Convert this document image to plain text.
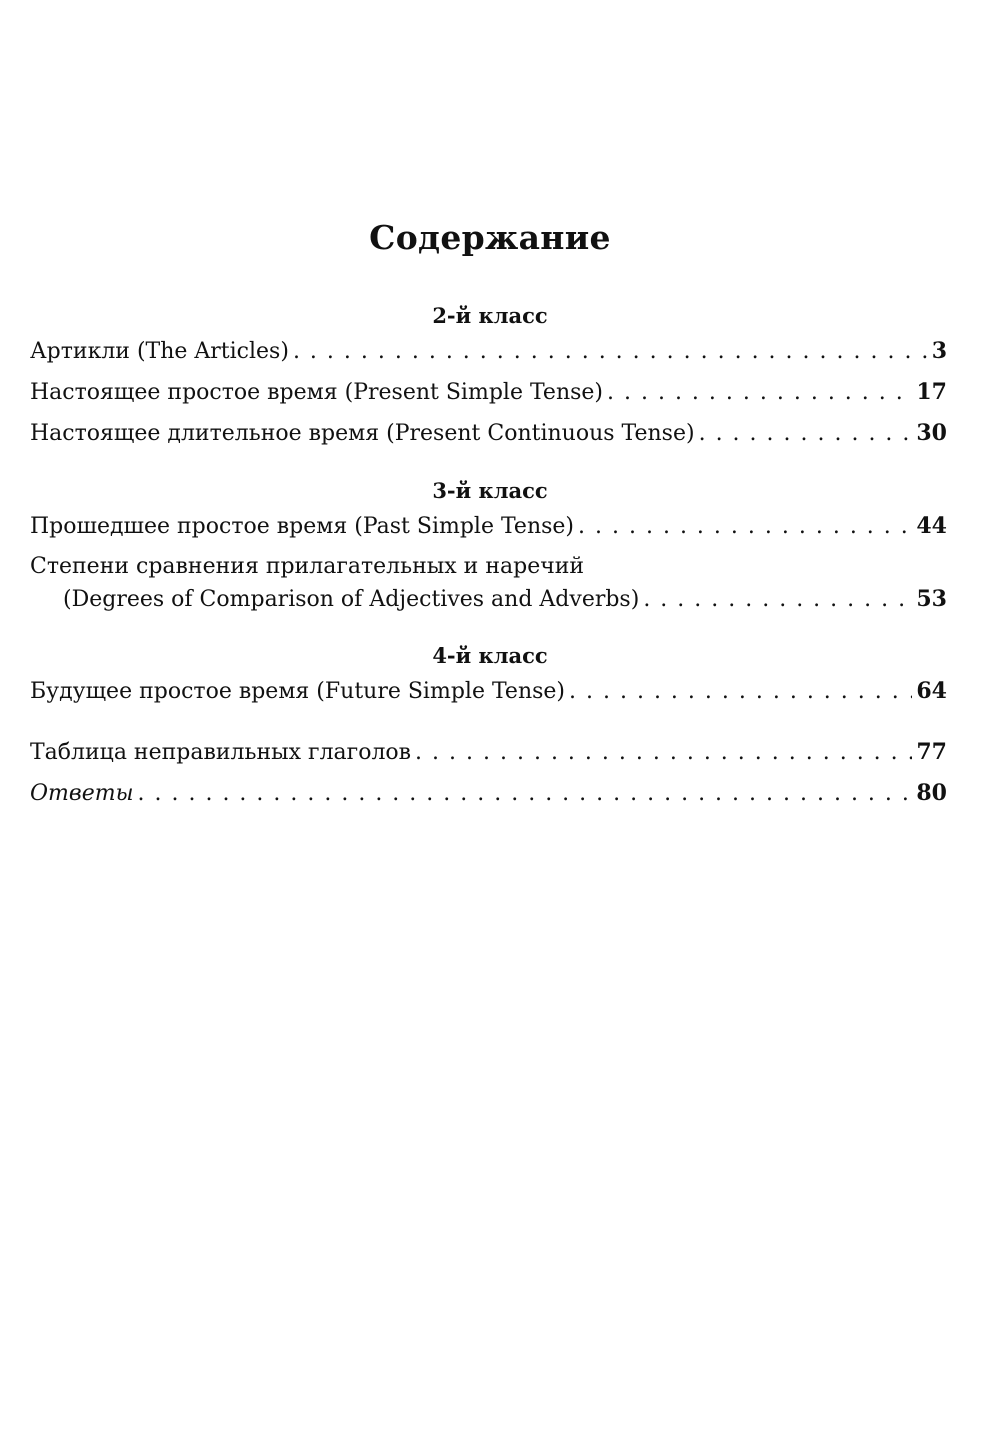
Содержание
2-й класс
Артикли (The Articles) . . .	3
Настоящее простое время (Present Simple Tense) . . .	17
Настоящее длительное время (Present Continuous Tense) . . .	30
3-й класс
Прошедшее простое время (Past Simple Tense) . . .	44
Степени сравнения прилагательных и наречий
(Degrees of Comparison of Adjectives and Adverbs) . . .	53
4-й класс
Будущее простое время (Future Simple Tense) . . .	64
Таблица неправильных глаголов . . .	77
Ответы . . .	80
